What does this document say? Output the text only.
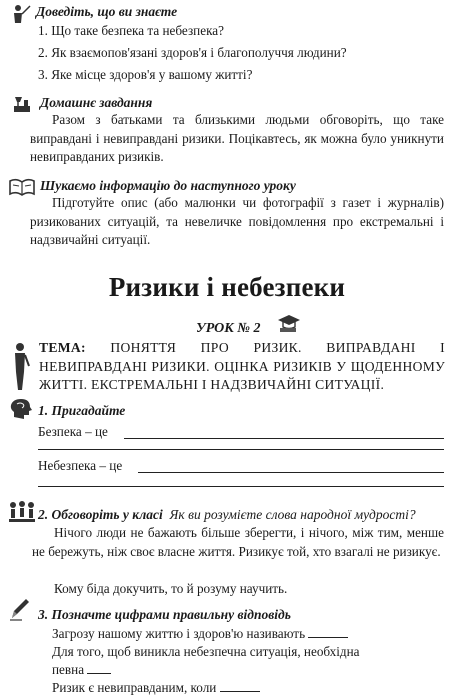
Доведіть, що ви знаєте
1. Що таке безпека та небезпека?
2. Як взаємопов'язані здоров'я і благополуччя людини?
3. Яке місце здоров'я у вашому житті?
Домашнє завдання
Разом з батьками та близькими людьми обговоріть, що таке виправдані і невиправдані ризики. Поцікавтесь, як можна було уникнути невиправданих ризиків.
Шукаємо інформацію до наступного уроку
Підготуйте опис (або малюнки чи фотографії з газет і журналів) ризикованих ситуацій, та невеличке повідомлення про екстремальні і надзвичайні ситуації.
Ризики і небезпеки
УРОК № 2
ТЕМА: ПОНЯТТЯ ПРО РИЗИК. ВИПРАВДАНІ І НЕВИПРАВДАНІ РИЗИКИ. ОЦІНКА РИЗИКІВ У ЩОДЕННОМУ ЖИТТІ. ЕКСТРЕМАЛЬНІ І НАДЗВИЧАЙНІ СИТУАЦІЇ.
1. Пригадайте
Безпека – це
Небезпека – це
2. Обговоріть у класі Як ви розумієте слова народної мудрості?
Нічого люди не бажають більше зберегти, і нічого, між тим, менше не бережуть, ніж своє власне життя. Ризикує той, хто взагалі не ризикує.
Кому біда докучить, то й розуму научить.
3. Позначте цифрами правильну відповідь
Загрозу нашому життю і здоров'ю називають
Для того, щоб виникла небезпечна ситуація, необхідна
певна
Ризик є невиправданим, коли
